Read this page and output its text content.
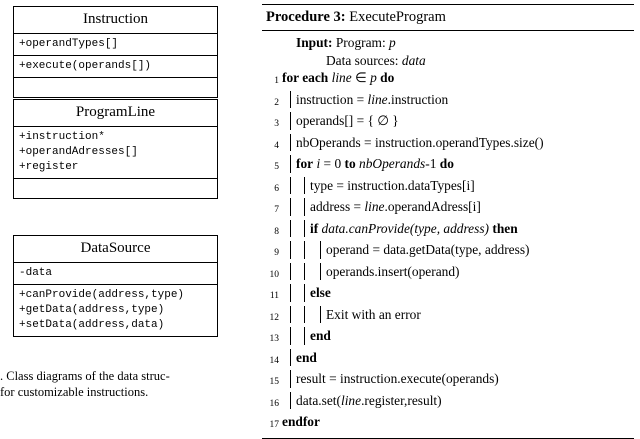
Instruction
+operandTypes[]
+execute(operands[])
ProgramLine
+instruction*
+operandAdresses[]
+register
DataSource
-data
+canProvide(address,type)
+getData(address,type)
+setData(address,data)
. Class diagrams of the data struc-
for customizable instructions.
Procedure 3: ExecuteProgram
Input: Program: p
Data sources: data
1 for each line ∈ p do
2	instruction = line.instruction
3	operands[] = { ∅ }
4	nbOperands = instruction.operandTypes.size()
5	for i = 0 to nbOperands-1 do
6	type = instruction.dataTypes[i]
7	address = line.operandAdress[i]
8	if data.canProvide(type, address) then
9	operand = data.getData(type, address)
10	operands.insert(operand)
11	else
12	Exit with an error
13	end
14	end
15	result = instruction.execute(operands)
16	data.set(line.register,result)
17 endfor
